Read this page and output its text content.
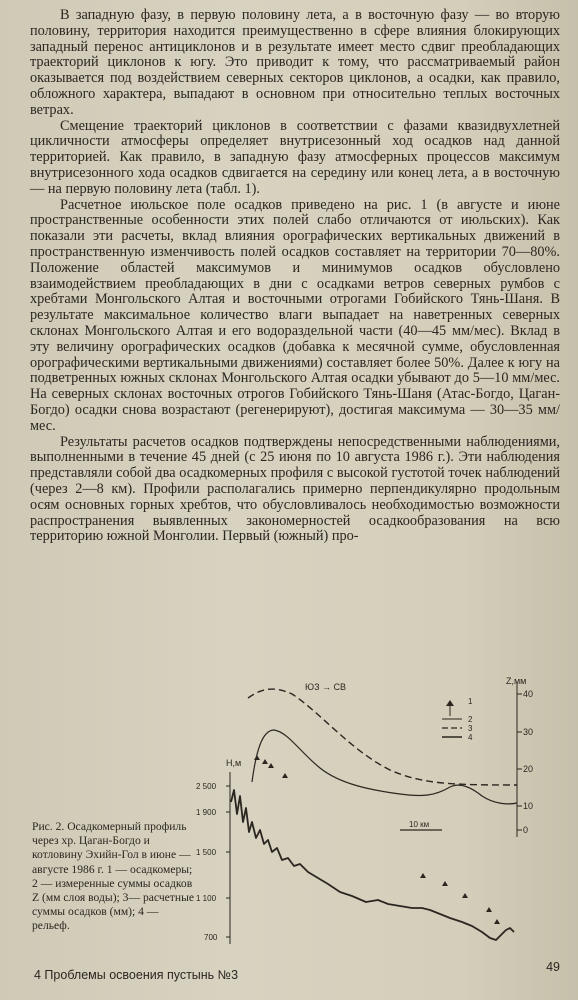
В западную фазу, в первую половину лета, а в восточную фазу — во вторую половину, территория находится преимущественно в сфере влияния блокирующих западный перенос антициклонов и в результате имеет место сдвиг преобладающих траекторий циклонов к югу. Это приводит к тому, что рассматриваемый район оказывается под воздействием северных секторов циклонов, а осадки, как правило, обложного характера, выпадают в основном при относительно теплых восточных ветрах.

Смещение траекторий циклонов в соответствии с фазами квазидвухлетней цикличности атмосферы определяет внутрисезонный ход осадков над данной территорией. Как правило, в западную фазу атмосферных процессов максимум внутрисезонного хода осадков сдвигается на середину или конец лета, а в восточную — на первую половину лета (табл. 1).

Расчетное июльское поле осадков приведено на рис. 1 (в августе и июне пространственные особенности этих полей слабо отличаются от июльских). Как показали эти расчеты, вклад влияния орографических вертикальных движений в пространственную изменчивость полей осадков составляет на территории 70—80%. Положение областей максимумов и минимумов осадков обусловлено взаимодействием преобладающих в дни с осадками ветров северных румбов с хребтами Монгольского Алтая и восточными отрогами Гобийского Тянь-Шаня. В результате максимальное количество влаги выпадает на наветренных северных склонах Монгольского Алтая и его водораздельной части (40—45 мм/мес). Вклад в эту величину орографических осадков (добавка к месячной сумме, обусловленная орографическими вертикальными движениями) составляет более 50%. Далее к югу на подветренных южных склонах Монгольского Алтая осадки убывают до 5—10 мм/мес. На северных склонах восточных отрогов Гобийского Тянь-Шаня (Атас-Богдо, Цаган-Богдо) осадки снова возрастают (регенерируют), достигая максимума — 30—35 мм/мес.

Результаты расчетов осадков подтверждены непосредственными наблюдениями, выполненными в течение 45 дней (с 25 июня по 10 августа 1986 г.). Эти наблюдения представляли собой два осадкомерных профиля с высокой густотой точек наблюдений (через 2—8 км). Профили располагались примерно перпендикулярно продольным осям основных горных хребтов, что обусловливалось необходимостью возможности распространения выявленных закономерностей осадкообразования на всю территорию южной Монголии. Первый (южный) про-

ЮЗ → СВ
Z,мм
40
30
20
10
0
1
2
3
4
10 км
Н,м
2 500
1 900
1 500
1 100
700
Рис. 2. Осадкомерный профиль через хр. Цаган-Богдо и котловину Эхийн-Гол в июне — августе 1986 г. 1 — осадкомеры; 2 — измеренные суммы осадков Z (мм слоя воды); 3— расчетные суммы осадков (мм); 4 — рельеф.
4 Проблемы освоения пустынь №3
49
